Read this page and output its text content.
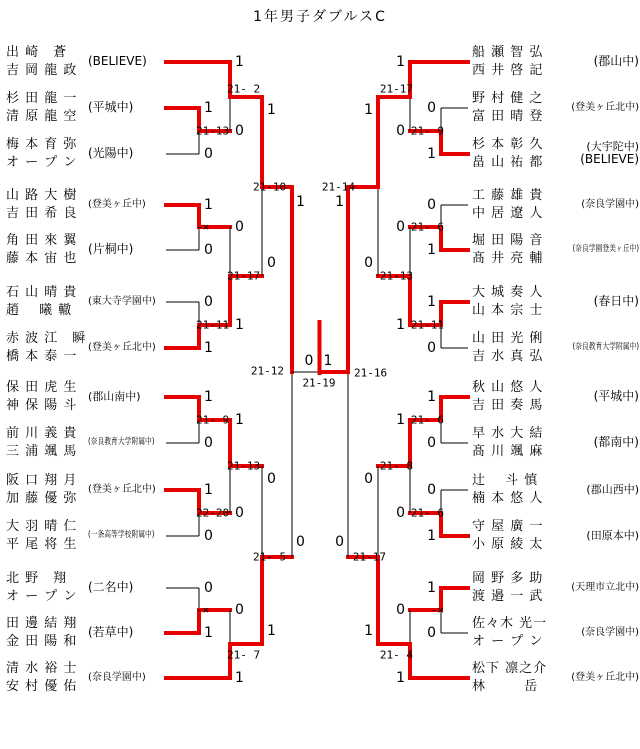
1年男子ダブルスC
出 崎　蒼
吉 岡 龍 政
(BELIEVE)
杉 田 龍 一
清 原 龍 空
(平城中)
梅 本 育 弥
オ ー プ ン
(光陽中)
山 路 大 樹
吉 田 希 良
(登美ヶ丘中)
角 田 來 翼
藤 本 宙 也
(片桐中)
石 山 晴 貴
趙　 曦 轍
(東大寺学園中)
赤 波 江　瞬
橋 本 泰 一
(登美ヶ丘北中)
保 田 虎 生
神 保 陽 斗
(郡山南中)
前 川 義 貴
三 浦 颯 馬
(奈良教育大学附属中)
阪 口 翔 月
加 藤 優 弥
(登美ヶ丘北中)
大 羽 晴 仁
平 尾 将 生
(一条高等学校附属中)
北 野　翔
オ ー プ ン
(二名中)
田 邊 結 翔
金 田 陽 和
(若草中)
清 水 裕 士
安 村 優 佑
(奈良学園中)
船 瀬 智 弘
西 井 啓 記
(郡山中)
野 村 健 之
富 田 晴 登
(登美ヶ丘北中)
杉 本 彰 久
畠 山 祐 都
(大宇陀中)
(BELIEVE)
工 藤 雄 貴
中 居 遼 人
(奈良学園中)
堀 田 陽 音
髙 井 亮 輔
(奈良学園登美ヶ丘中)
大 城 奏 人
山 本 宗 士
(春日中)
山 田 光 俐
吉 水 真 弘
(奈良教育大学附属中)
秋 山 悠 人
吉 田 奏 馬
(平城中)
早 水 大 結
髙 川 颯 麻
(都南中)
辻　 斗 慎
楠 本 悠 人
(郡山西中)
守 屋 廣 一
小 原 綾 太
(田原本中)
岡 野 多 助
渡 邉 一 武
(天理市立北中)
佐々木 光一
オ ー プ ン
(奈良学園中)
松下 凛之介
林　 　 岳
(登美ヶ丘北中)
1
0
21-13
1
0
-×
0
1
21-11
1
0
21- 9
1
0
22-20
0
1
-×
1
0
21- 2
0
1
21-17
1
0
21-13
0
1
21- 7
1
0
21-10
0
1
21- 5
0
1
21- 9
0
1
21- 6
1
0
21-11
1
0
21- 6
0
1
21- 6
1
0
-×
1
0
21-17
0
1
21-13
1
0
21- 8
0
1
21- 4
1
0
21-14
0
1
21-17
1
0
21-12
1
0
21-16
0 1
21-19
